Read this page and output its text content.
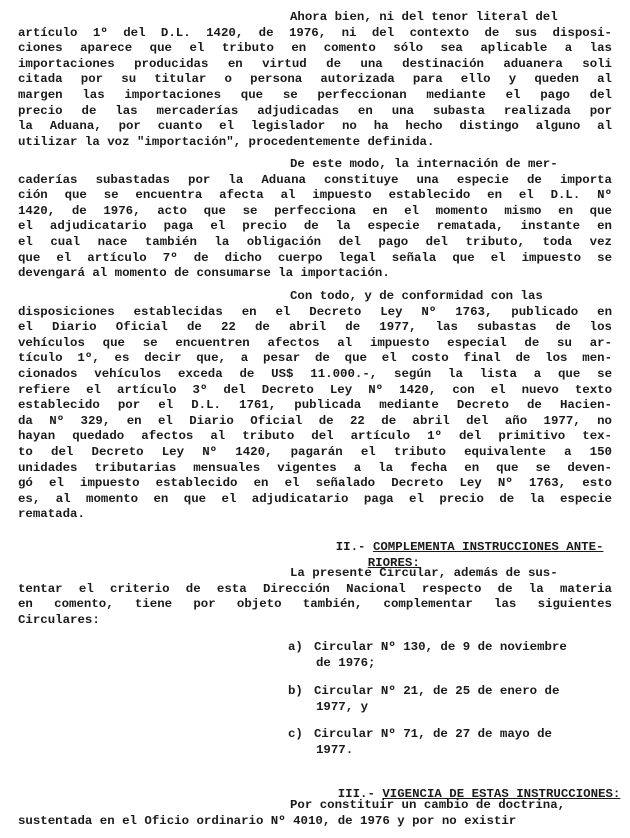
Ahora bien, ni del tenor literal del
artículo 1º del D.L. 1420, de 1976, ni del contexto de sus disposi-
ciones aparece que el tributo en comento sólo sea aplicable a las
importaciones producidas en virtud de una destinación aduanera soli
citada por su titular o persona autorizada para ello y queden al
margen las importaciones que se perfeccionan mediante el pago del
precio de las mercaderías adjudicadas en una subasta realizada por
la Aduana, por cuanto el legislador no ha hecho distingo alguno al
utilizar la voz "importación", procedentemente definida.
De este modo, la internación de mer-
caderías subastadas por la Aduana constituye una especie de importa
ción que se encuentra afecta al impuesto establecido en el D.L. Nº
1420, de 1976, acto que se perfecciona en el momento mismo en que
el adjudicatario paga el precio de la especie rematada, instante en
el cual nace también la obligación del pago del tributo, toda vez
que el artículo 7º de dicho cuerpo legal señala que el impuesto se
devengará al momento de consumarse la importación.
Con todo, y de conformidad con las
disposiciones establecidas en el Decreto Ley Nº 1763, publicado en
el Diario Oficial de 22 de abril de 1977, las subastas de los
vehículos que se encuentren afectos al impuesto especial de su ar-
tículo 1º, es decir que, a pesar de que el costo final de los men-
cionados vehículos exceda de US$ 11.000.-, según la lista a que se
refiere el artículo 3º del Decreto Ley Nº 1420, con el nuevo texto
establecido por el D.L. 1761, publicada mediante Decreto de Hacien-
da Nº 329, en el Diario Oficial de 22 de abril del año 1977, no
hayan quedado afectos al tributo del artículo 1º del primitivo tex-
to del Decreto Ley Nº 1420, pagarán el tributo equivalente a 150
unidades tributarias mensuales vigentes a la fecha en que se deven-
gó el impuesto establecido en el señalado Decreto Ley Nº 1763, esto
es, al momento en que el adjudicatario paga el precio de la especie
rematada.

II.- COMPLEMENTA INSTRUCCIONES ANTE-

RIORES:

La presente Circular, además de sus-
tentar el criterio de esta Dirección Nacional respecto de la materia
en comento, tiene por objeto también, complementar las siguientes
Circulares:
a) Circular Nº 130, de 9 de noviembre
de 1976;
b) Circular Nº 21, de 25 de enero de
1977, y
c) Circular Nº 71, de 27 de mayo de
1977.

III.- VIGENCIA DE ESTAS INSTRUCCIONES:

Por constituir un cambio de doctrina,
sustentada en el Oficio ordinario Nº 4010, de 1976 y por no existir
